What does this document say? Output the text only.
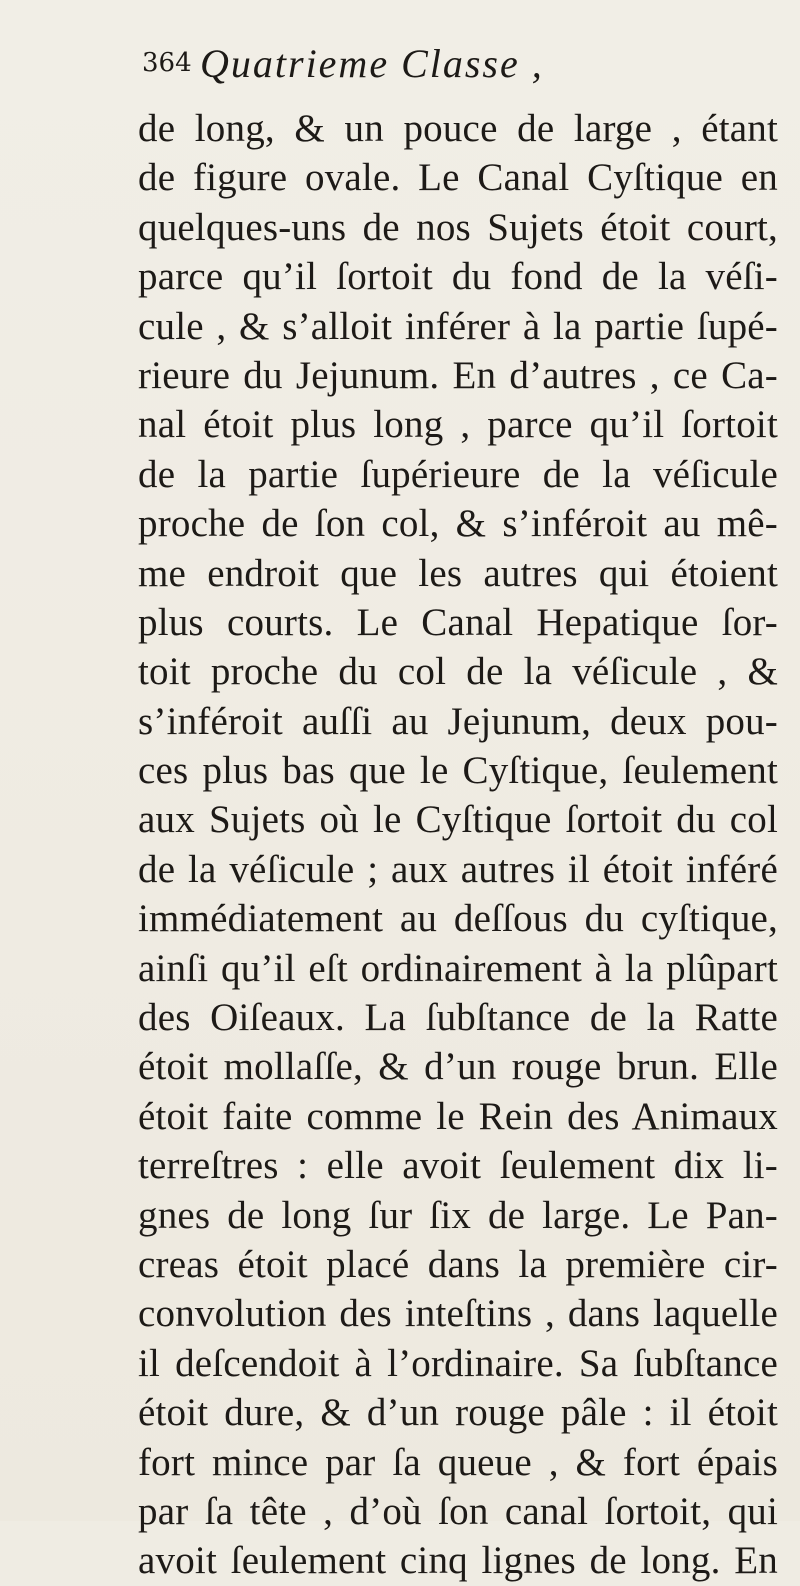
364 Quatrieme Classe ,
de long, & un pouce de large , étant
de figure ovale. Le Canal Cyſtique en
quelques-uns de nos Sujets étoit court,
parce qu’il ſortoit du fond de la véſi-
cule , & s’alloit inférer à la partie ſupé-
rieure du Jejunum. En d’autres , ce Ca-
nal étoit plus long , parce qu’il ſortoit
de la partie ſupérieure de la véſicule
proche de ſon col, & s’inféroit au mê-
me endroit que les autres qui étoient
plus courts. Le Canal Hepatique ſor-
toit proche du col de la véſicule , &
s’inféroit auſſi au Jejunum, deux pou-
ces plus bas que le Cyſtique, ſeulement
aux Sujets où le Cyſtique ſortoit du col
de la véſicule ; aux autres il étoit inféré
immédiatement au deſſous du cyſtique,
ainſi qu’il eſt ordinairement à la plûpart
des Oiſeaux. La ſubſtance de la Ratte
étoit mollaſſe, & d’un rouge brun. Elle
étoit faite comme le Rein des Animaux
terreſtres : elle avoit ſeulement dix li-
gnes de long ſur ſix de large. Le Pan-
creas étoit placé dans la première cir-
convolution des inteſtins , dans laquelle
il deſcendoit à l’ordinaire. Sa ſubſtance
étoit dure, & d’un rouge pâle : il étoit
fort mince par ſa queue , & fort épais
par ſa tête , d’où ſon canal ſortoit, qui
avoit ſeulement cinq lignes de long. En
